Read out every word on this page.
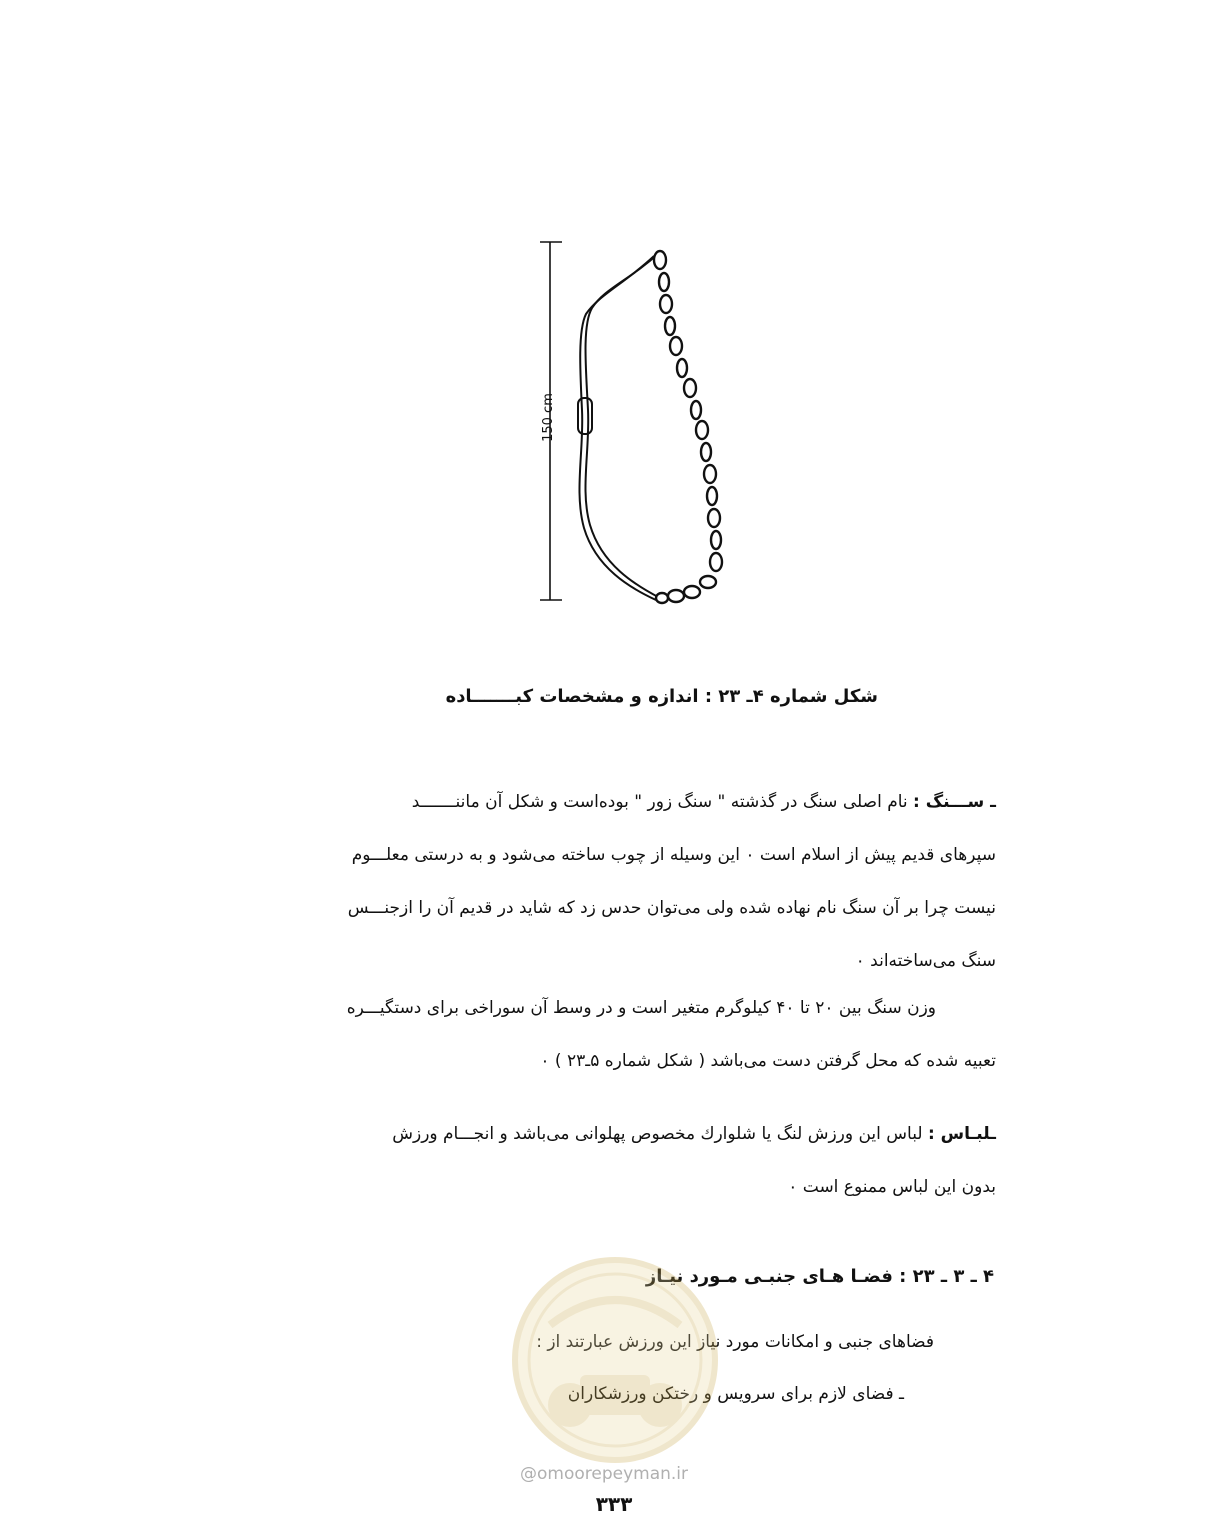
150 cm
شکل شماره ۴ـ ۲۳ : اندازه و مشخصات کبـــــــاده
ـ ســـنگ : نام اصلی سنگ در گذشته " سنگ زور " بوده‌است و شکل آن ماننـــــــد
سپرهای قدیم پیش از اسلام است ۰ این وسیله از چوب ساخته می‌شود و به درستی معلـــوم
نیست چرا بر آن سنگ نام نهاده شده ولی می‌توان حدس زد که شاید در قدیم آن را ازجنـــس
سنگ می‌ساخته‌اند ۰
وزن سنگ بین ۲۰ تا ۴۰ کیلوگرم متغیر است و در وسط آن سوراخی برای دستگیـــره
تعبیه شده که محل گرفتن دست می‌باشد ( شکل شماره ۵ـ۲۳ ) ۰
ـلبـاس : لباس این ورزش لنگ یا شلوارك مخصوص پهلوانی می‌باشد و انجـــام ورزش
بدون این لباس ممنوع است ۰
۴ ـ ۳ ـ ۲۳ : فضـا هـای جنبـی مـورد نیـاز
فضاهای جنبی و امکانات مورد نیاز این ورزش عبارتند از :
ـ فضای لازم برای سرویس و رختکن ورزشکاران
@omoorepeyman.ir
۳۳۳
